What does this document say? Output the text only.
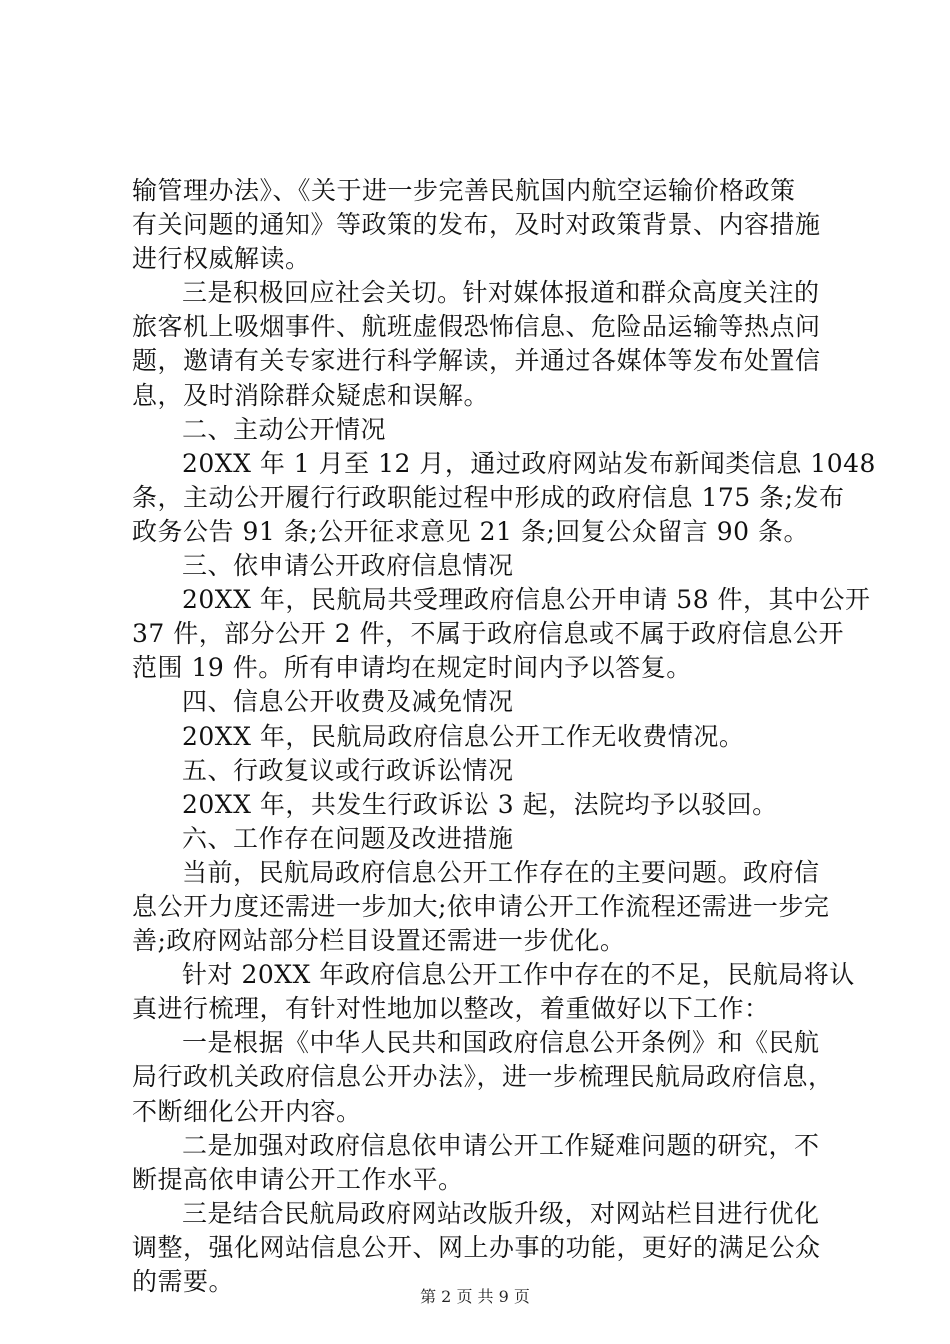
输管理办法》、《关于进一步完善民航国内航空运输价格政策
有关问题的通知》等政策的发布，及时对政策背景、内容措施
进行权威解读。
三是积极回应社会关切。针对媒体报道和群众高度关注的
旅客机上吸烟事件、航班虚假恐怖信息、危险品运输等热点问
题，邀请有关专家进行科学解读，并通过各媒体等发布处置信
息，及时消除群众疑虑和误解。
二、主动公开情况
20XX 年 1 月至 12 月，通过政府网站发布新闻类信息 1048
条，主动公开履行行政职能过程中形成的政府信息 175 条;发布
政务公告 91 条;公开征求意见 21 条;回复公众留言 90 条。
三、依申请公开政府信息情况
20XX 年，民航局共受理政府信息公开申请 58 件，其中公开
37 件，部分公开 2 件，不属于政府信息或不属于政府信息公开
范围 19 件。所有申请均在规定时间内予以答复。
四、信息公开收费及减免情况
20XX 年，民航局政府信息公开工作无收费情况。
五、行政复议或行政诉讼情况
20XX 年，共发生行政诉讼 3 起，法院均予以驳回。
六、工作存在问题及改进措施
当前，民航局政府信息公开工作存在的主要问题。政府信
息公开力度还需进一步加大;依申请公开工作流程还需进一步完
善;政府网站部分栏目设置还需进一步优化。
针对 20XX 年政府信息公开工作中存在的不足，民航局将认
真进行梳理，有针对性地加以整改，着重做好以下工作：
一是根据《中华人民共和国政府信息公开条例》和《民航
局行政机关政府信息公开办法》，进一步梳理民航局政府信息，
不断细化公开内容。
二是加强对政府信息依申请公开工作疑难问题的研究，不
断提高依申请公开工作水平。
三是结合民航局政府网站改版升级，对网站栏目进行优化
调整，强化网站信息公开、网上办事的功能，更好的满足公众
的需要。
第 2 页 共 9 页
